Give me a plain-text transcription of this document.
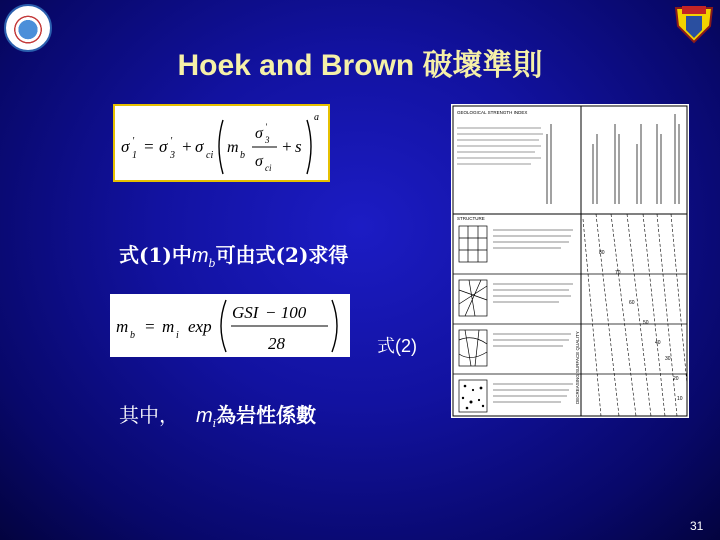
Hoek and Brown 破壞準則
σ '
1 = σ '
3 + σ ci m b
σ '
3
σ ci
+ s
a
式(1)中$m_b$可由式(2)求得
m b = m i exp
GSI − 100
28	式(2)
其中， $m_i$為岩性係數
GEOLOGICAL STRENGTH INDEX
STRUCTURE
80
70
60
50
40
30
20
10
DECREASING SURFACE QUALITY
31
